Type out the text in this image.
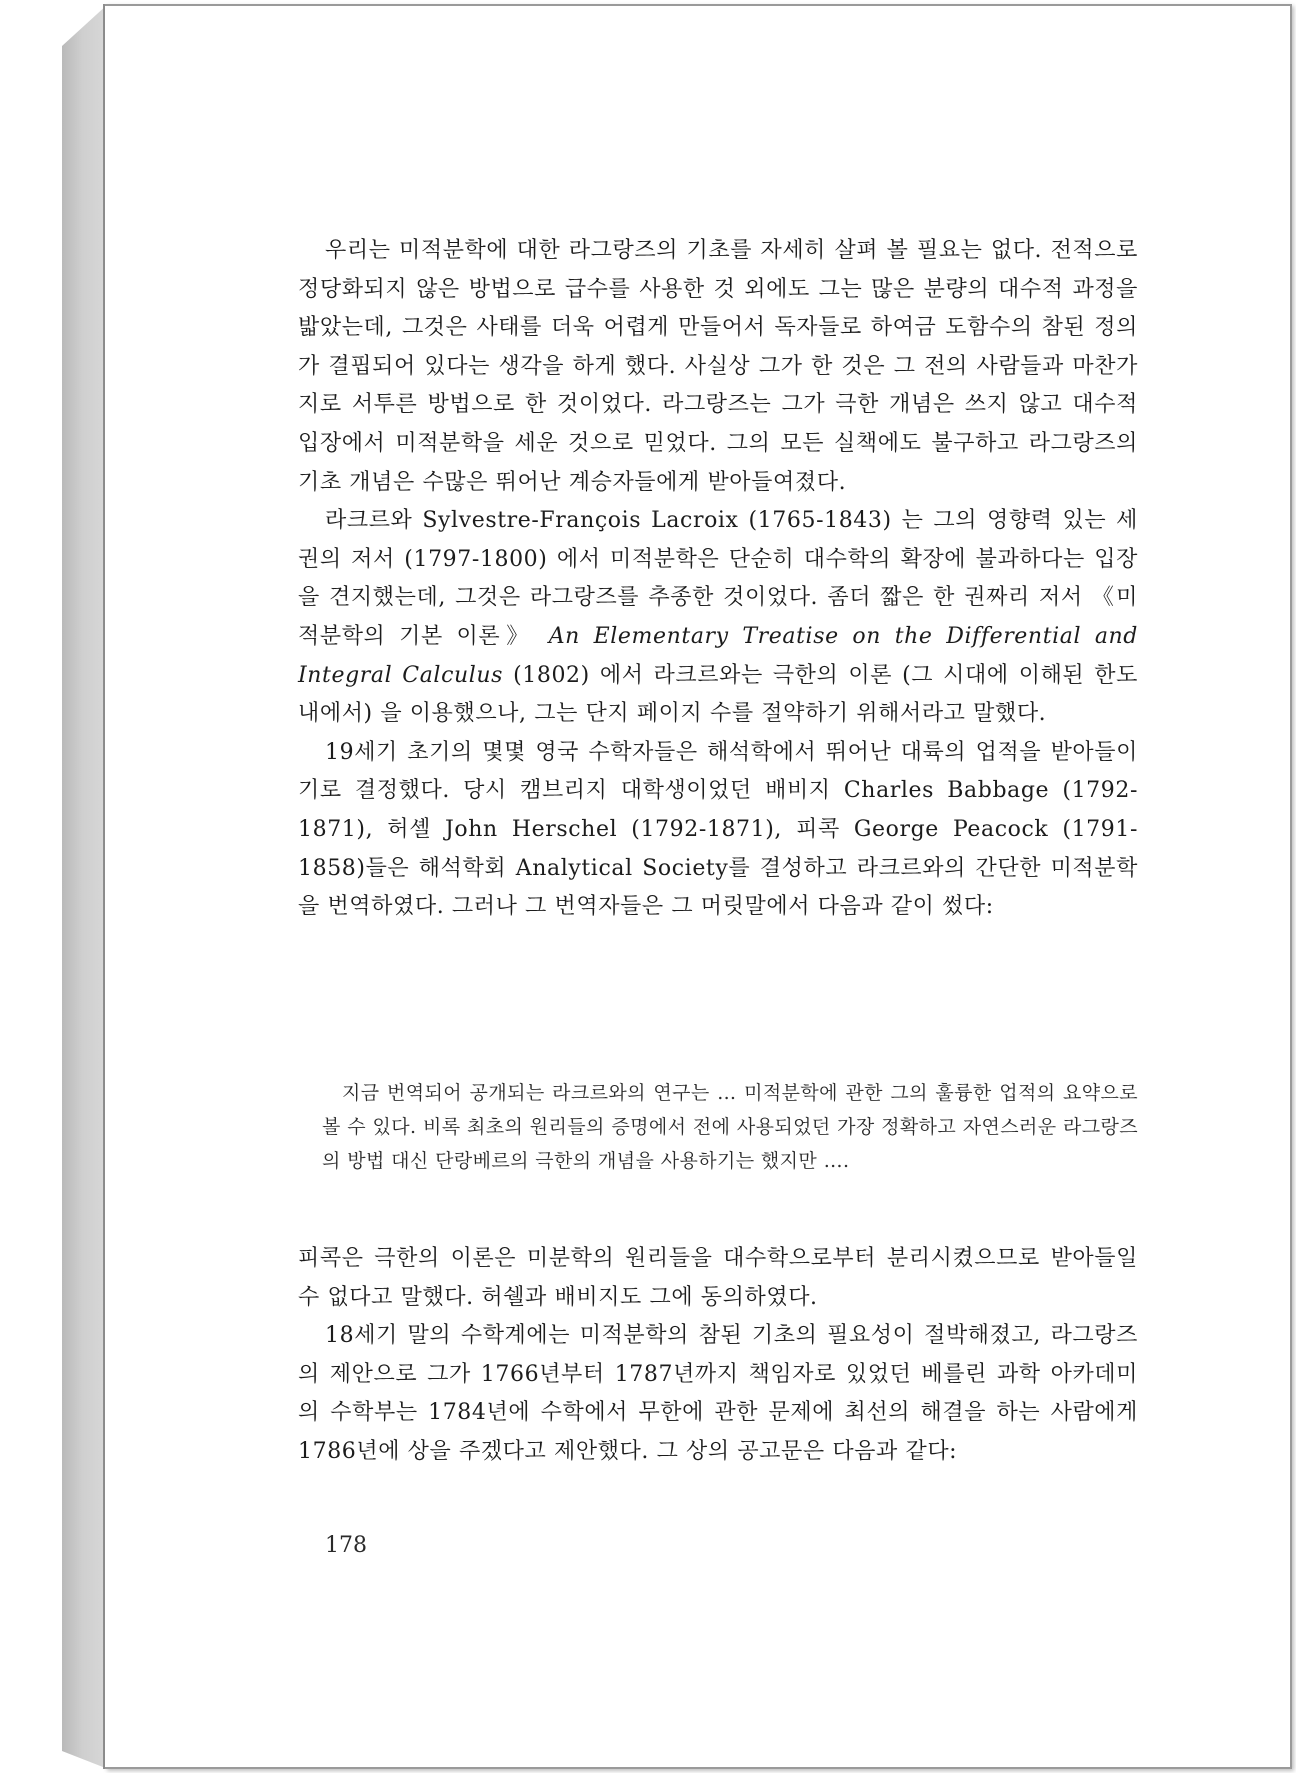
우리는 미적분학에 대한 라그랑즈의 기초를 자세히 살펴 볼 필요는 없다. 전적으로 정당화되지 않은 방법으로 급수를 사용한 것 외에도 그는 많은 분량의 대수적 과정을 밟았는데, 그것은 사태를 더욱 어렵게 만들어서 독자들로 하여금 도함수의 참된 정의가 결핍되어 있다는 생각을 하게 했다. 사실상 그가 한 것은 그 전의 사람들과 마찬가지로 서투른 방법으로 한 것이었다. 라그랑즈는 그가 극한 개념은 쓰지 않고 대수적 입장에서 미적분학을 세운 것으로 믿었다. 그의 모든 실책에도 불구하고 라그랑즈의 기초 개념은 수많은 뛰어난 계승자들에게 받아들여졌다.

라크르와 Sylvestre-François Lacroix (1765-1843) 는 그의 영향력 있는 세 권의 저서 (1797-1800) 에서 미적분학은 단순히 대수학의 확장에 불과하다는 입장을 견지했는데, 그것은 라그랑즈를 추종한 것이었다. 좀더 짧은 한 권짜리 저서 《미적분학의 기본 이론》 An Elementary Treatise on the Differential and Integral Calculus (1802) 에서 라크르와는 극한의 이론 (그 시대에 이해된 한도 내에서) 을 이용했으나, 그는 단지 페이지 수를 절약하기 위해서라고 말했다.

19세기 초기의 몇몇 영국 수학자들은 해석학에서 뛰어난 대륙의 업적을 받아들이기로 결정했다. 당시 캠브리지 대학생이었던 배비지 Charles Babbage (1792-1871), 허셸 John Herschel (1792-1871), 피콕 George Peacock (1791-1858)들은 해석학회 Analytical Society를 결성하고 라크르와의 간단한 미적분학을 번역하였다. 그러나 그 번역자들은 그 머릿말에서 다음과 같이 썼다:

지금 번역되어 공개되는 라크르와의 연구는 … 미적분학에 관한 그의 훌륭한 업적의 요약으로 볼 수 있다. 비록 최초의 원리들의 증명에서 전에 사용되었던 가장 정확하고 자연스러운 라그랑즈의 방법 대신 단랑베르의 극한의 개념을 사용하기는 했지만 ….

피콕은 극한의 이론은 미분학의 원리들을 대수학으로부터 분리시켰으므로 받아들일 수 없다고 말했다. 허쉘과 배비지도 그에 동의하였다.

18세기 말의 수학계에는 미적분학의 참된 기초의 필요성이 절박해졌고, 라그랑즈의 제안으로 그가 1766년부터 1787년까지 책임자로 있었던 베를린 과학 아카데미의 수학부는 1784년에 수학에서 무한에 관한 문제에 최선의 해결을 하는 사람에게 1786년에 상을 주겠다고 제안했다. 그 상의 공고문은 다음과 같다:

178
